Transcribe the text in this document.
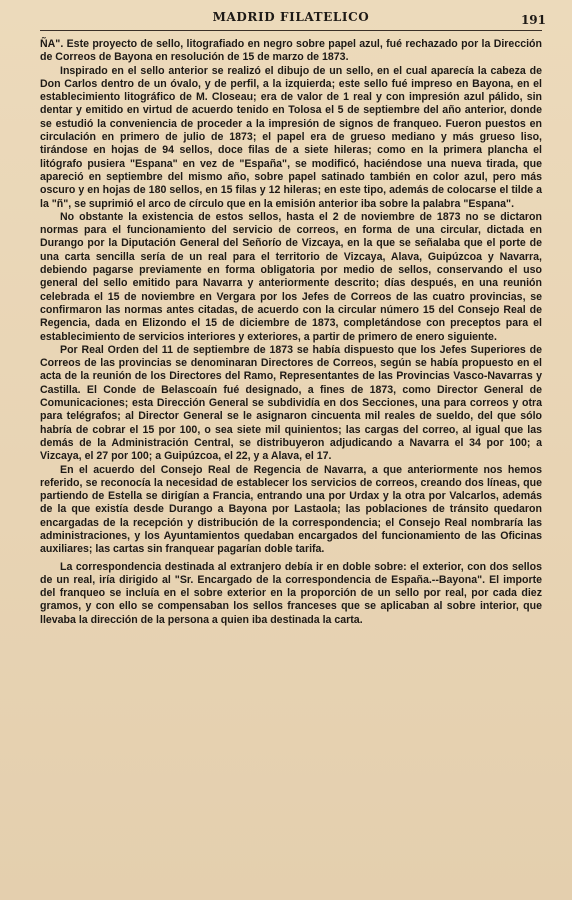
MADRID FILATELICO	191

ÑA". Este proyecto de sello, litografiado en negro sobre papel azul, fué rechazado por la Dirección de Correos de Bayona en resolución de 15 de marzo de 1873.

Inspirado en el sello anterior se realizó el dibujo de un sello, en el cual aparecía la cabeza de Don Carlos dentro de un óvalo, y de perfil, a la izquierda; este sello fué impreso en Bayona, en el establecimiento litográfico de M. Closeau; era de valor de 1 real y con impresión azul pálido, sin dentar y emitido en virtud de acuerdo tenido en Tolosa el 5 de septiembre del año anterior, donde se estudió la conveniencia de proceder a la impresión de signos de franqueo. Fueron puestos en circulación en primero de julio de 1873; el papel era de grueso mediano y más grueso liso, tirándose en hojas de 94 sellos, doce filas de a siete hileras; como en la primera plancha el litógrafo pusiera "Espana" en vez de "España", se modificó, haciéndose una nueva tirada, que apareció en septiembre del mismo año, sobre papel satinado también en color azul, pero más oscuro y en hojas de 180 sellos, en 15 filas y 12 hileras; en este tipo, además de colocarse el tilde a la "ñ", se suprimió el arco de círculo que en la emisión anterior iba sobre la palabra "Espana".

No obstante la existencia de estos sellos, hasta el 2 de noviembre de 1873 no se dictaron normas para el funcionamiento del servicio de correos, en forma de una circular, dictada en Durango por la Diputación General del Señorío de Vizcaya, en la que se señalaba que el porte de una carta sencilla sería de un real para el territorio de Vizcaya, Alava, Guipúzcoa y Navarra, debiendo pagarse previamente en forma obligatoria por medio de sellos, conservando el uso general del sello emitido para Navarra y anteriormente descrito; días después, en una reunión celebrada el 15 de noviembre en Vergara por los Jefes de Correos de las cuatro provincias, se confirmaron las normas antes citadas, de acuerdo con la circular número 15 del Consejo Real de Regencia, dada en Elizondo el 15 de diciembre de 1873, completándose con preceptos para el establecimiento de servicios interiores y exteriores, a partir de primero de enero siguiente.

Por Real Orden del 11 de septiembre de 1873 se había dispuesto que los Jefes Superiores de Correos de las provincias se denominaran Directores de Correos, según se había propuesto en el acta de la reunión de los Directores del Ramo, Representantes de las Provincias Vasco-Navarras y Castilla. El Conde de Belascoaín fué designado, a fines de 1873, como Director General de Comunicaciones; esta Dirección General se subdividía en dos Secciones, una para correos y otra para telégrafos; al Director General se le asignaron cincuenta mil reales de sueldo, del que sólo habría de cobrar el 15 por 100, o sea siete mil quinientos; las cargas del correo, al igual que las demás de la Administración Central, se distribuyeron adjudicando a Navarra el 34 por 100; a Vizcaya, el 27 por 100; a Guipúzcoa, el 22, y a Alava, el 17.

En el acuerdo del Consejo Real de Regencia de Navarra, a que anteriormente nos hemos referido, se reconocía la necesidad de establecer los servicios de correos, creando dos líneas, que partiendo de Estella se dirigían a Francia, entrando una por Urdax y la otra por Valcarlos, además de la que existía desde Durango a Bayona por Lastaola; las poblaciones de tránsito quedaron encargadas de la recepción y distribución de la correspondencia; el Consejo Real nombraría las administraciones, y los Ayuntamientos quedaban encargados del funcionamiento de las Oficinas auxiliares; las cartas sin franquear pagarían doble tarifa.

La correspondencia destinada al extranjero debía ir en doble sobre: el exterior, con dos sellos de un real, iría dirigido al "Sr. Encargado de la correspondencia de España.--Bayona". El importe del franqueo se incluía en el sobre exterior en la proporción de un sello por real, por cada diez gramos, y con ello se compensaban los sellos franceses que se aplicaban al sobre interior, que llevaba la dirección de la persona a quien iba destinada la carta.
